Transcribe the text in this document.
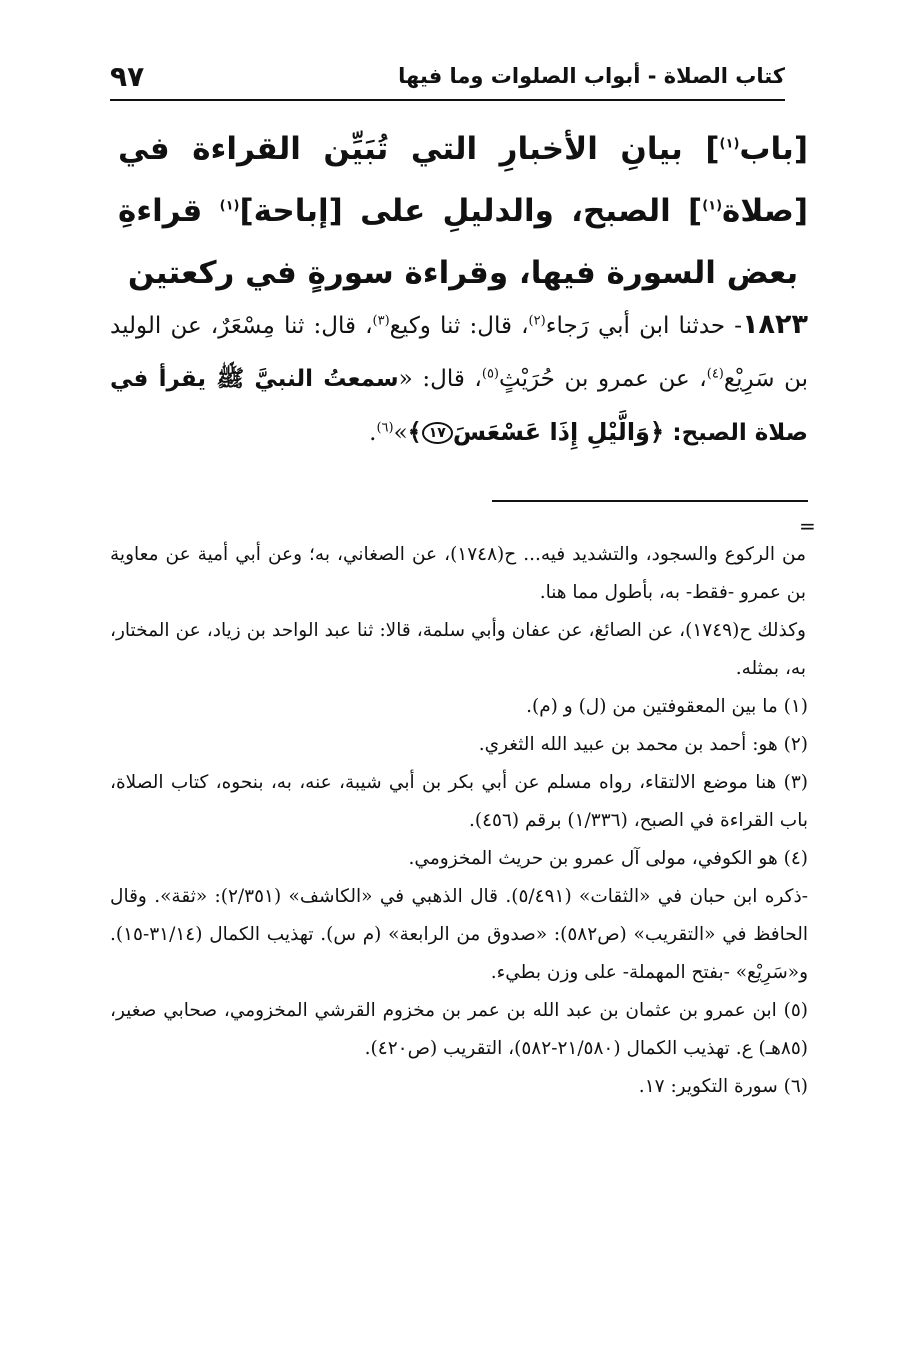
كتاب الصلاة - أبواب الصلوات وما فيها
٩٧
[باب$^{(١)}$] بيانِ الأخبارِ التي تُبَيِّن القراءة في [صلاة$^{(١)}$] الصبح، والدليلِ على [إباحة]$^{(١)}$ قراءةِ بعض السورة فيها، وقراءة سورةٍ في ركعتين
١٨٢٣- حدثنا ابن أبي رَجاء$^{(٢)}$، قال: ثنا وكيع$^{(٣)}$، قال: ثنا مِسْعَرٌ، عن الوليد بن سَرِيْع$^{(٤)}$، عن عمرو بن حُرَيْثٍ$^{(٥)}$، قال: «سمعتُ النبيَّ ﷺ يقرأ في صلاة الصبح: ﴿وَالَّيْلِ إِذَا عَسْعَسَ١٧﴾»$^{(٦)}$.
=

من الركوع والسجود، والتشديد فيه... ح(١٧٤٨)، عن الصغاني، به؛ وعن أبي أمية عن معاوية بن عمرو -فقط- به، بأطول مما هنا.

وكذلك ح(١٧٤٩)، عن الصائغ، عن عفان وأبي سلمة، قالا: ثنا عبد الواحد بن زياد، عن المختار، به، بمثله.

(١) ما بين المعقوفتين من (ل) و (م).

(٢) هو: أحمد بن محمد بن عبيد الله الثغري.

(٣) هنا موضع الالتقاء، رواه مسلم عن أبي بكر بن أبي شيبة، عنه، به، بنحوه، كتاب الصلاة، باب القراءة في الصبح، (١/٣٣٦) برقم (٤٥٦).

(٤) هو الكوفي، مولى آل عمرو بن حريث المخزومي.

-ذكره ابن حبان في «الثقات» (٥/٤٩١). قال الذهبي في «الكاشف» (٢/٣٥١): «ثقة». وقال الحافظ في «التقريب» (ص٥٨٢): «صدوق من الرابعة» (م س). تهذيب الكمال (٣١/١٤-١٥). و«سَرِيْع» -بفتح المهملة- على وزن بطيء.

(٥) ابن عمرو بن عثمان بن عبد الله بن عمر بن مخزوم القرشي المخزومي، صحابي صغير، (٨٥هـ) ع. تهذيب الكمال (٢١/٥٨٠-٥٨٢)، التقريب (ص٤٢٠).

(٦) سورة التكوير: ١٧.
